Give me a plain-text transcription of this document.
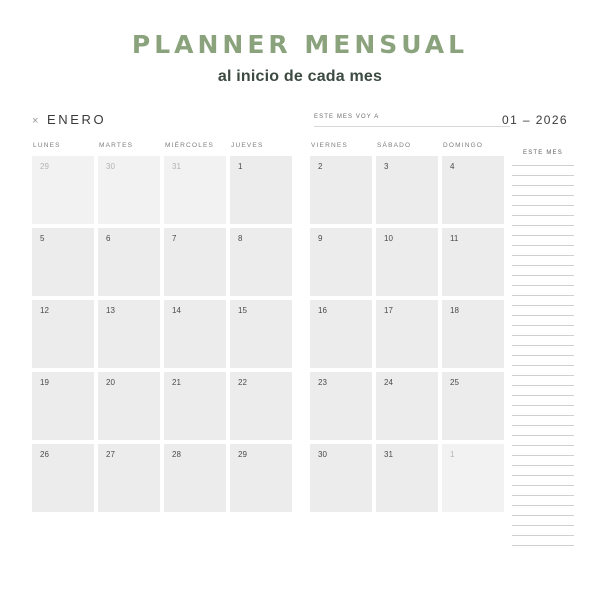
PLANNER MENSUAL
al inicio de cada mes
× ENERO	ESTE MES VOY A	01 – 2026
LUNES	MARTES	MIÉRCOLES	JUEVES	VIERNES	SÁBADO	DOMINGO
29	30	31	1	2	3	4
5	6	7	8	9	10	11
12	13	14	15	16	17	18
19	20	21	22	23	24	25
26	27	28	29	30	31	1
ESTE MES
